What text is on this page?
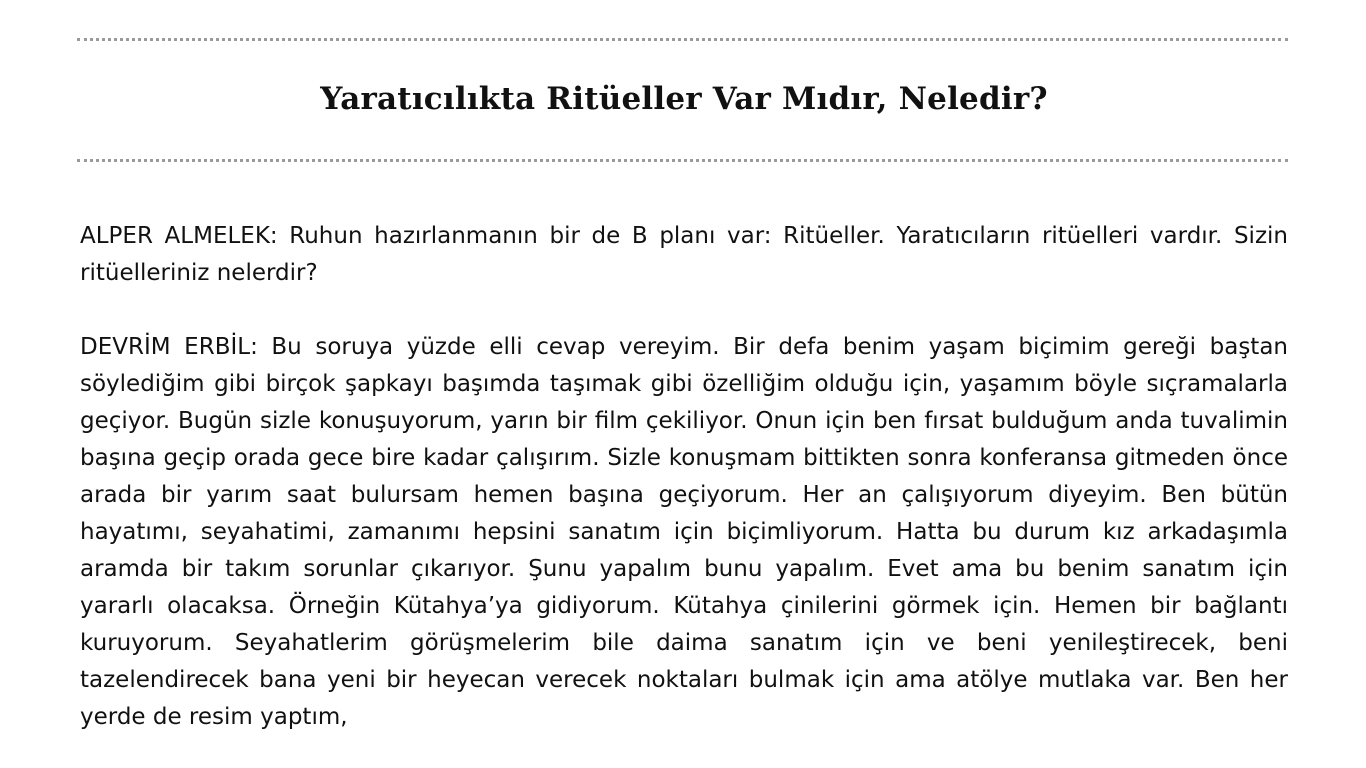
Yaratıcılıkta Ritüeller Var Mıdır, Neledir?

ALPER ALMELEK: Ruhun hazırlanmanın bir de B planı var: Ritüeller. Yaratıcıların ritüelleri vardır. Sizin ritüelleriniz nelerdir?

DEVRİM ERBİL: Bu soruya yüzde elli cevap vereyim. Bir defa benim yaşam biçimim gereği baştan söylediğim gibi birçok şapkayı başımda taşımak gibi özelliğim olduğu için, yaşamım böyle sıçramalarla geçiyor. Bugün sizle konuşuyorum, yarın bir film çekiliyor. Onun için ben fırsat bulduğum anda tuvalimin başına geçip orada gece bire kadar çalışırım. Sizle konuşmam bittikten sonra konferansa gitmeden önce arada bir yarım saat bulursam hemen başına geçiyorum. Her an çalışıyorum diyeyim. Ben bütün hayatımı, seyahatimi, zamanımı hepsini sanatım için biçimliyorum. Hatta bu durum kız arkadaşımla aramda bir takım sorunlar çıkarıyor. Şunu yapalım bunu yapalım. Evet ama bu benim sanatım için yararlı olacaksa. Örneğin Kütahya’ya gidiyorum. Kütahya çinilerini görmek için. Hemen bir bağlantı kuruyorum. Seyahatlerim görüşmelerim bile daima sanatım için ve beni yenileştirecek, beni tazelendirecek bana yeni bir heyecan verecek noktaları bulmak için ama atölye mutlaka var. Ben her yerde de resim yaptım,
